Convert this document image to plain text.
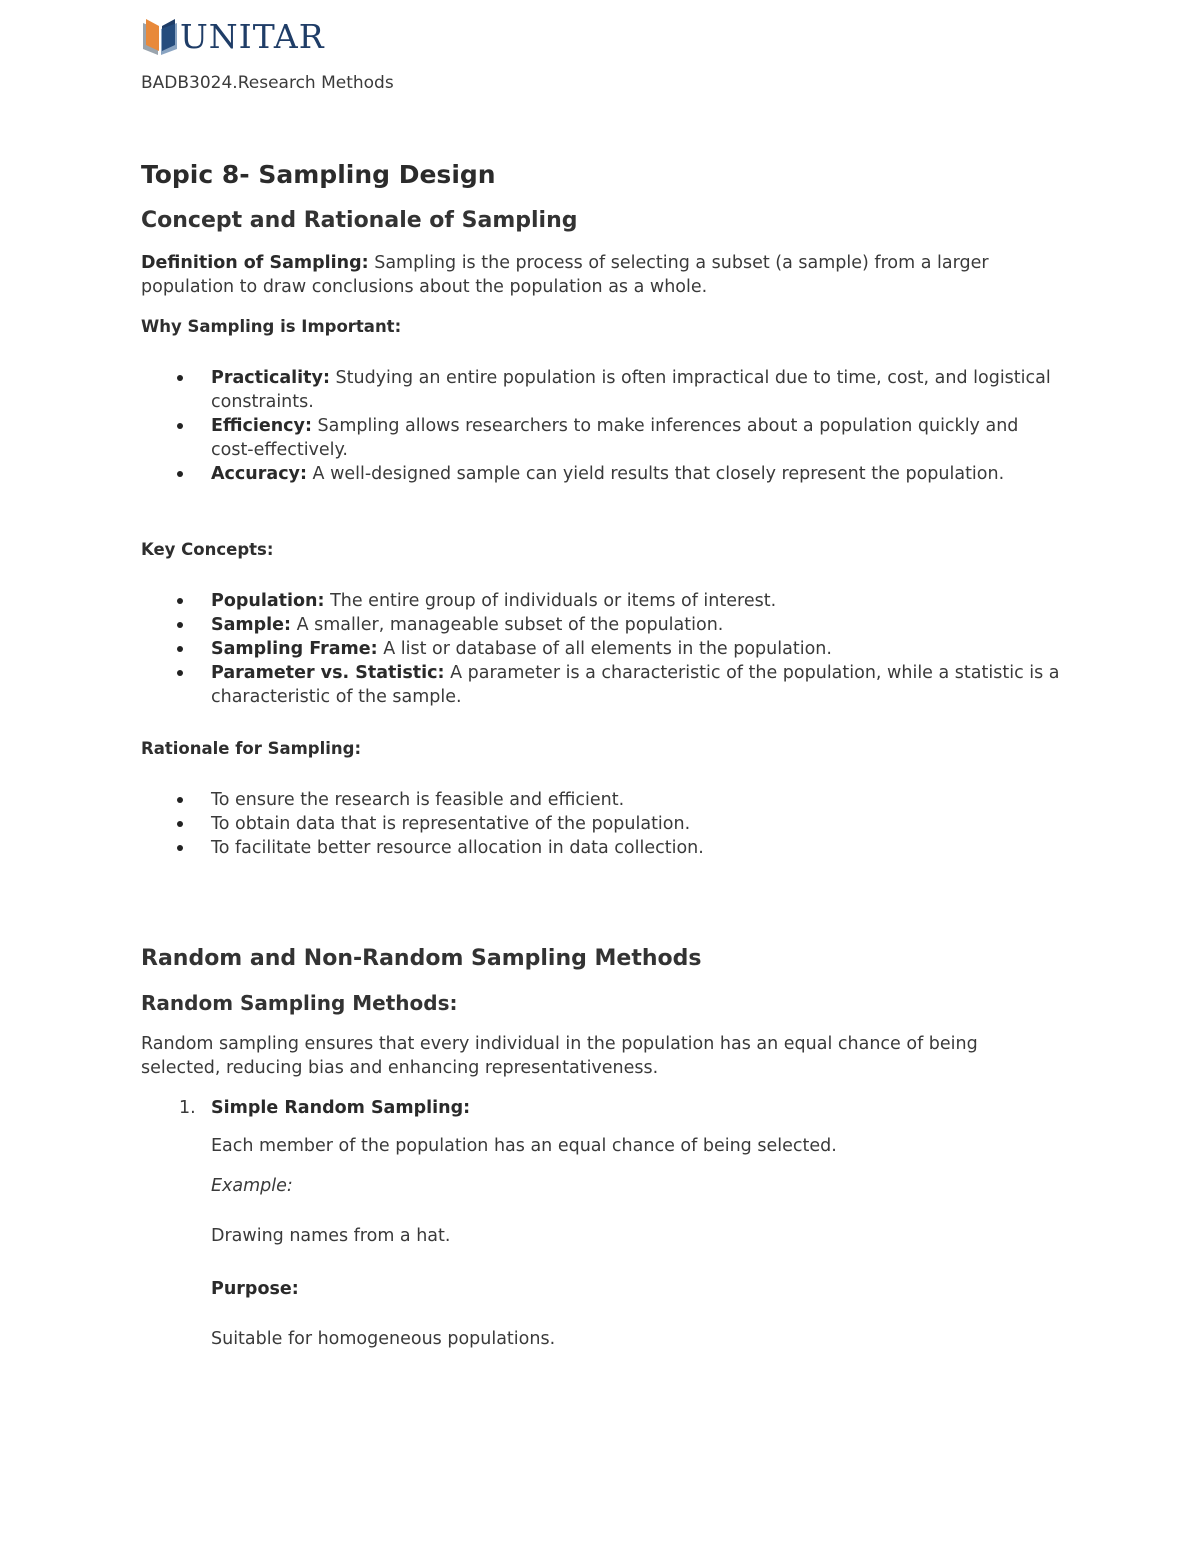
UNITAR
BADB3024.Research Methods
Topic 8- Sampling Design
Concept and Rationale of Sampling
Definition of Sampling: Sampling is the process of selecting a subset (a sample) from a larger population to draw conclusions about the population as a whole.
Why Sampling is Important:
Practicality: Studying an entire population is often impractical due to time, cost, and logistical constraints.
Efficiency: Sampling allows researchers to make inferences about a population quickly and cost-effectively.
Accuracy: A well-designed sample can yield results that closely represent the population.
Key Concepts:
Population: The entire group of individuals or items of interest.
Sample: A smaller, manageable subset of the population.
Sampling Frame: A list or database of all elements in the population.
Parameter vs. Statistic: A parameter is a characteristic of the population, while a statistic is a characteristic of the sample.
Rationale for Sampling:
To ensure the research is feasible and efficient.
To obtain data that is representative of the population.
To facilitate better resource allocation in data collection.
Random and Non-Random Sampling Methods
Random Sampling Methods:
Random sampling ensures that every individual in the population has an equal chance of being selected, reducing bias and enhancing representativeness.
1. Simple Random Sampling:
Each member of the population has an equal chance of being selected.
Example:
Drawing names from a hat.
Purpose:
Suitable for homogeneous populations.
